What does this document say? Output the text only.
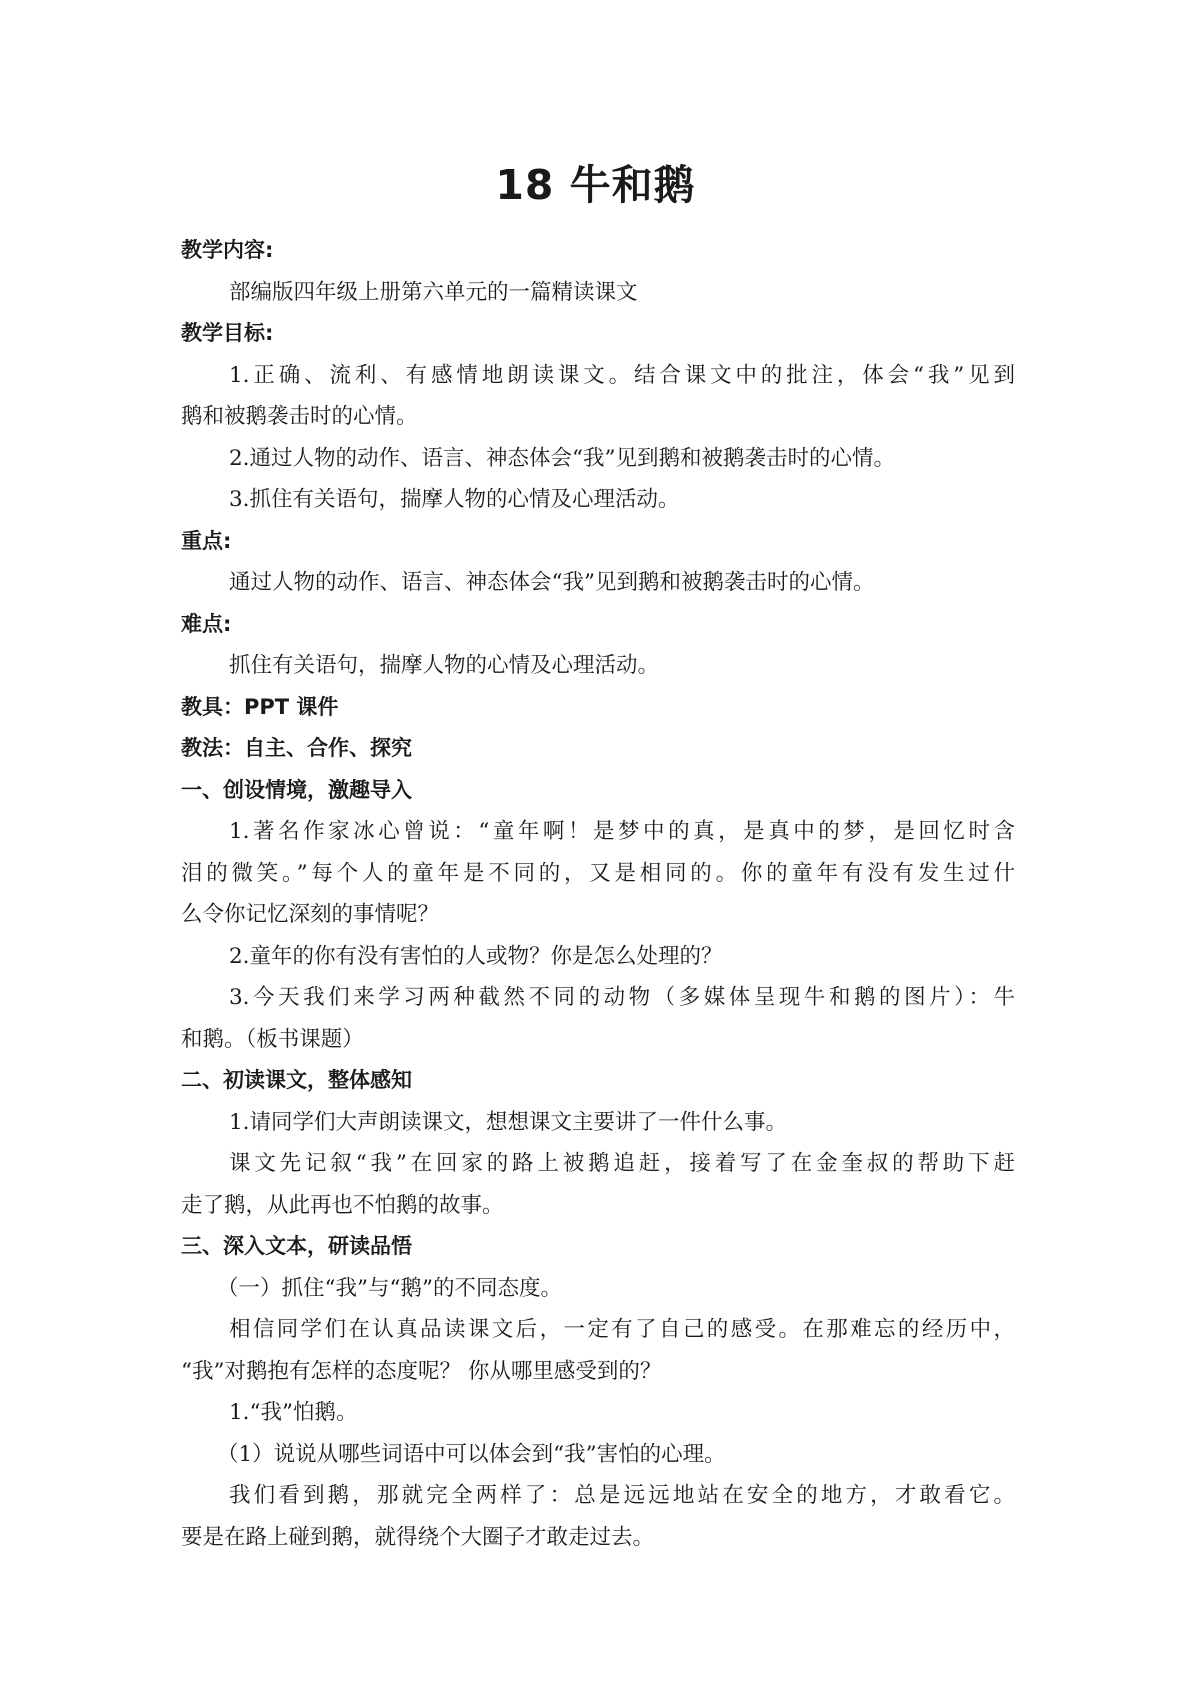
18 牛和鹅
教学内容:
部编版四年级上册第六单元的一篇精读课文
教学目标:
1.正确、流利、有感情地朗读课文。结合课文中的批注，体会“我”见到
鹅和被鹅袭击时的心情。
2.通过人物的动作、语言、神态体会“我”见到鹅和被鹅袭击时的心情。
3.抓住有关语句，揣摩人物的心情及心理活动。
重点:
通过人物的动作、语言、神态体会“我”见到鹅和被鹅袭击时的心情。
难点:
抓住有关语句，揣摩人物的心情及心理活动。
教具：PPT 课件
教法：自主、合作、探究
一、创设情境，激趣导入
1.著名作家冰心曾说：“童年啊！是梦中的真，是真中的梦，是回忆时含
泪的微笑。”每个人的童年是不同的，又是相同的。你的童年有没有发生过什
么令你记忆深刻的事情呢？
2.童年的你有没有害怕的人或物？你是怎么处理的？
3.今天我们来学习两种截然不同的动物（多媒体呈现牛和鹅的图片）：牛
和鹅。（板书课题）
二、初读课文，整体感知
1.请同学们大声朗读课文，想想课文主要讲了一件什么事。
课文先记叙“我”在回家的路上被鹅追赶，接着写了在金奎叔的帮助下赶
走了鹅，从此再也不怕鹅的故事。
三、深入文本，研读品悟
（一）抓住“我”与“鹅”的不同态度。
相信同学们在认真品读课文后，一定有了自己的感受。在那难忘的经历中，
“我”对鹅抱有怎样的态度呢？ 你从哪里感受到的？
1.“我”怕鹅。
（1）说说从哪些词语中可以体会到“我”害怕的心理。
我们看到鹅，那就完全两样了：总是远远地站在安全的地方，才敢看它。
要是在路上碰到鹅，就得绕个大圈子才敢走过去。
